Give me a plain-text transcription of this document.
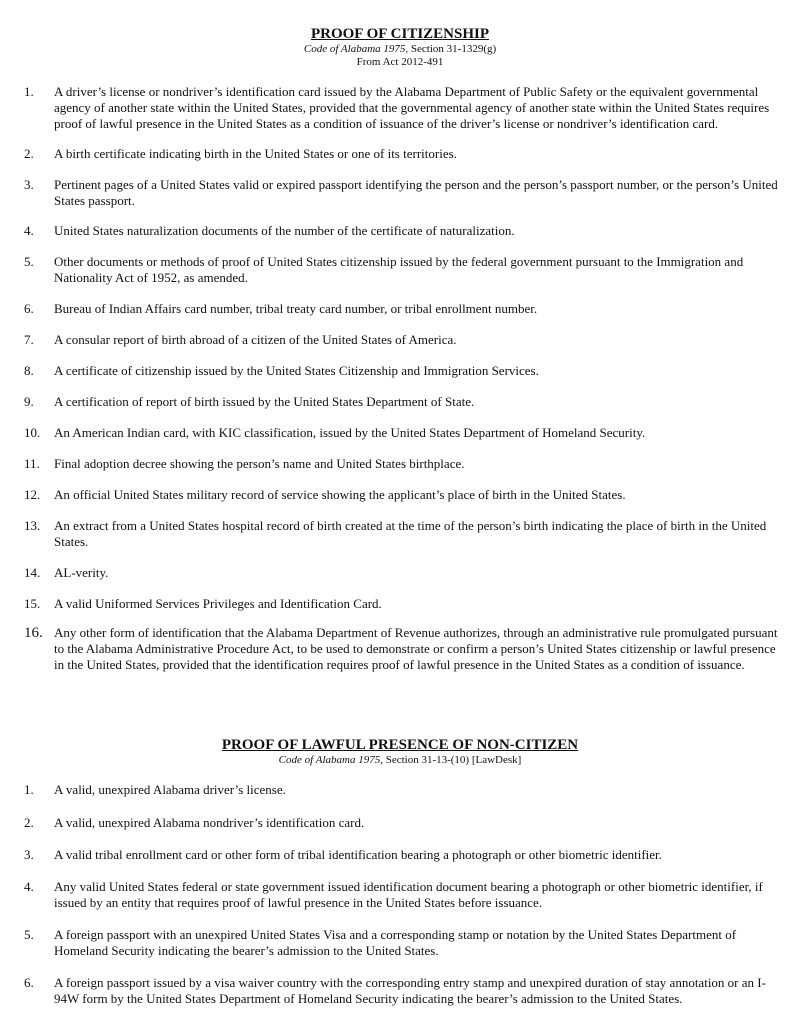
PROOF OF CITIZENSHIP

Code of Alabama 1975, Section 31-1329(g)

From Act 2012-491

1. A driver’s license or nondriver’s identification card issued by the Alabama Department of Public Safety or the equivalent governmental agency of another state within the United States, provided that the governmental agency of another state within the United States requires proof of lawful presence in the United States as a condition of issuance of the driver’s license or nondriver’s identification card.
2. A birth certificate indicating birth in the United States or one of its territories.
3. Pertinent pages of a United States valid or expired passport identifying the person and the person’s passport number, or the person’s United States passport.
4. United States naturalization documents of the number of the certificate of naturalization.
5. Other documents or methods of proof of United States citizenship issued by the federal government pursuant to the Immigration and Nationality Act of 1952, as amended.
6. Bureau of Indian Affairs card number, tribal treaty card number, or tribal enrollment number.
7. A consular report of birth abroad of a citizen of the United States of America.
8. A certificate of citizenship issued by the United States Citizenship and Immigration Services.
9. A certification of report of birth issued by the United States Department of State.
10. An American Indian card, with KIC classification, issued by the United States Department of Homeland Security.
11. Final adoption decree showing the person’s name and United States birthplace.
12. An official United States military record of service showing the applicant’s place of birth in the United States.
13. An extract from a United States hospital record of birth created at the time of the person’s birth indicating the place of birth in the United States.
14. AL-verity.
15. A valid Uniformed Services Privileges and Identification Card.
16. Any other form of identification that the Alabama Department of Revenue authorizes, through an administrative rule promulgated pursuant to the Alabama Administrative Procedure Act, to be used to demonstrate or confirm a person’s United States citizenship or lawful presence in the United States, provided that the identification requires proof of lawful presence in the United States as a condition of issuance.

PROOF OF LAWFUL PRESENCE OF NON-CITIZEN

Code of Alabama 1975, Section 31-13-(10) [LawDesk]

1. A valid, unexpired Alabama driver’s license.
2. A valid, unexpired Alabama nondriver’s identification card.
3. A valid tribal enrollment card or other form of tribal identification bearing a photograph or other biometric identifier.
4. Any valid United States federal or state government issued identification document bearing a photograph or other biometric identifier, if issued by an entity that requires proof of lawful presence in the United States before issuance.
5. A foreign passport with an unexpired United States Visa and a corresponding stamp or notation by the United States Department of Homeland Security indicating the bearer’s admission to the United States.
6. A foreign passport issued by a visa waiver country with the corresponding entry stamp and unexpired duration of stay annotation or an I-94W form by the United States Department of Homeland Security indicating the bearer’s admission to the United States.
